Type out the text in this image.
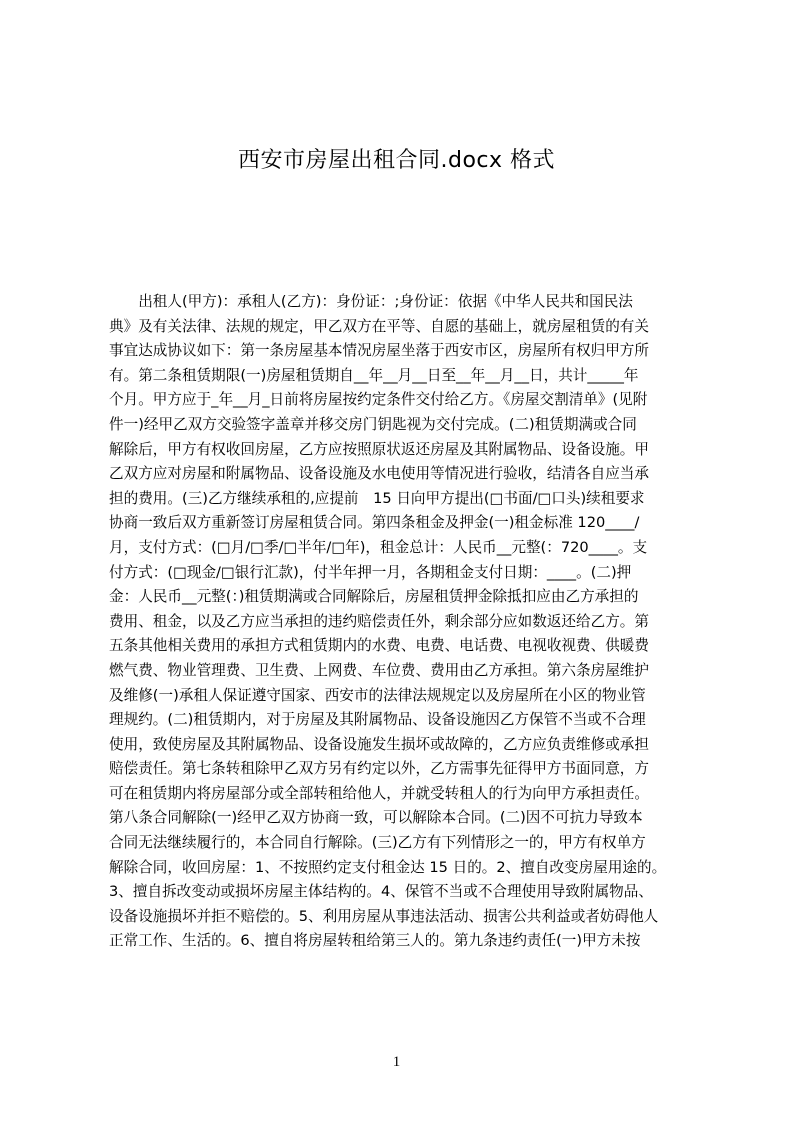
西安市房屋出租合同.docx 格式
　　出租人(甲方)：承租人(乙方)：身份证：;身份证：依据《中华人民共和国民法
典》及有关法律、法规的规定，甲乙双方在平等、自愿的基础上，就房屋租赁的有关
事宜达成协议如下：第一条房屋基本情况房屋坐落于西安市区，房屋所有权归甲方所
有。第二条租赁期限(一)房屋租赁期自__年__月__日至__年__月__日，共计_____年
个月。甲方应于_年__月_日前将房屋按约定条件交付给乙方。《房屋交割清单》(见附
件一)经甲乙双方交验签字盖章并移交房门钥匙视为交付完成。(二)租赁期满或合同
解除后，甲方有权收回房屋，乙方应按照原状返还房屋及其附属物品、设备设施。甲
乙双方应对房屋和附属物品、设备设施及水电使用等情况进行验收，结清各自应当承
担的费用。(三)乙方继续承租的,应提前　15 日向甲方提出(□书面/□口头)续租要求
协商一致后双方重新签订房屋租赁合同。第四条租金及押金(一)租金标准 120____/
月，支付方式：(□月/□季/□半年/□年)，租金总计：人民币__元整(：720____。支
付方式：(□现金/□银行汇款)，付半年押一月，各期租金支付日期：____。(二)押
金：人民币__元整(：)租赁期满或合同解除后，房屋租赁押金除抵扣应由乙方承担的
费用、租金，以及乙方应当承担的违约赔偿责任外，剩余部分应如数返还给乙方。第
五条其他相关费用的承担方式租赁期内的水费、电费、电话费、电视收视费、供暖费
燃气费、物业管理费、卫生费、上网费、车位费、费用由乙方承担。第六条房屋维护
及维修(一)承租人保证遵守国家、西安市的法律法规规定以及房屋所在小区的物业管
理规约。(二)租赁期内，对于房屋及其附属物品、设备设施因乙方保管不当或不合理
使用，致使房屋及其附属物品、设备设施发生损坏或故障的，乙方应负责维修或承担
赔偿责任。第七条转租除甲乙双方另有约定以外，乙方需事先征得甲方书面同意，方
可在租赁期内将房屋部分或全部转租给他人，并就受转租人的行为向甲方承担责任。
第八条合同解除(一)经甲乙双方协商一致，可以解除本合同。(二)因不可抗力导致本
合同无法继续履行的，本合同自行解除。(三)乙方有下列情形之一的，甲方有权单方
解除合同，收回房屋：1、不按照约定支付租金达 15 日的。2、擅自改变房屋用途的。
3、擅自拆改变动或损坏房屋主体结构的。4、保管不当或不合理使用导致附属物品、
设备设施损坏并拒不赔偿的。5、利用房屋从事违法活动、损害公共利益或者妨碍他人
正常工作、生活的。6、擅自将房屋转租给第三人的。第九条违约责任(一)甲方未按
1
